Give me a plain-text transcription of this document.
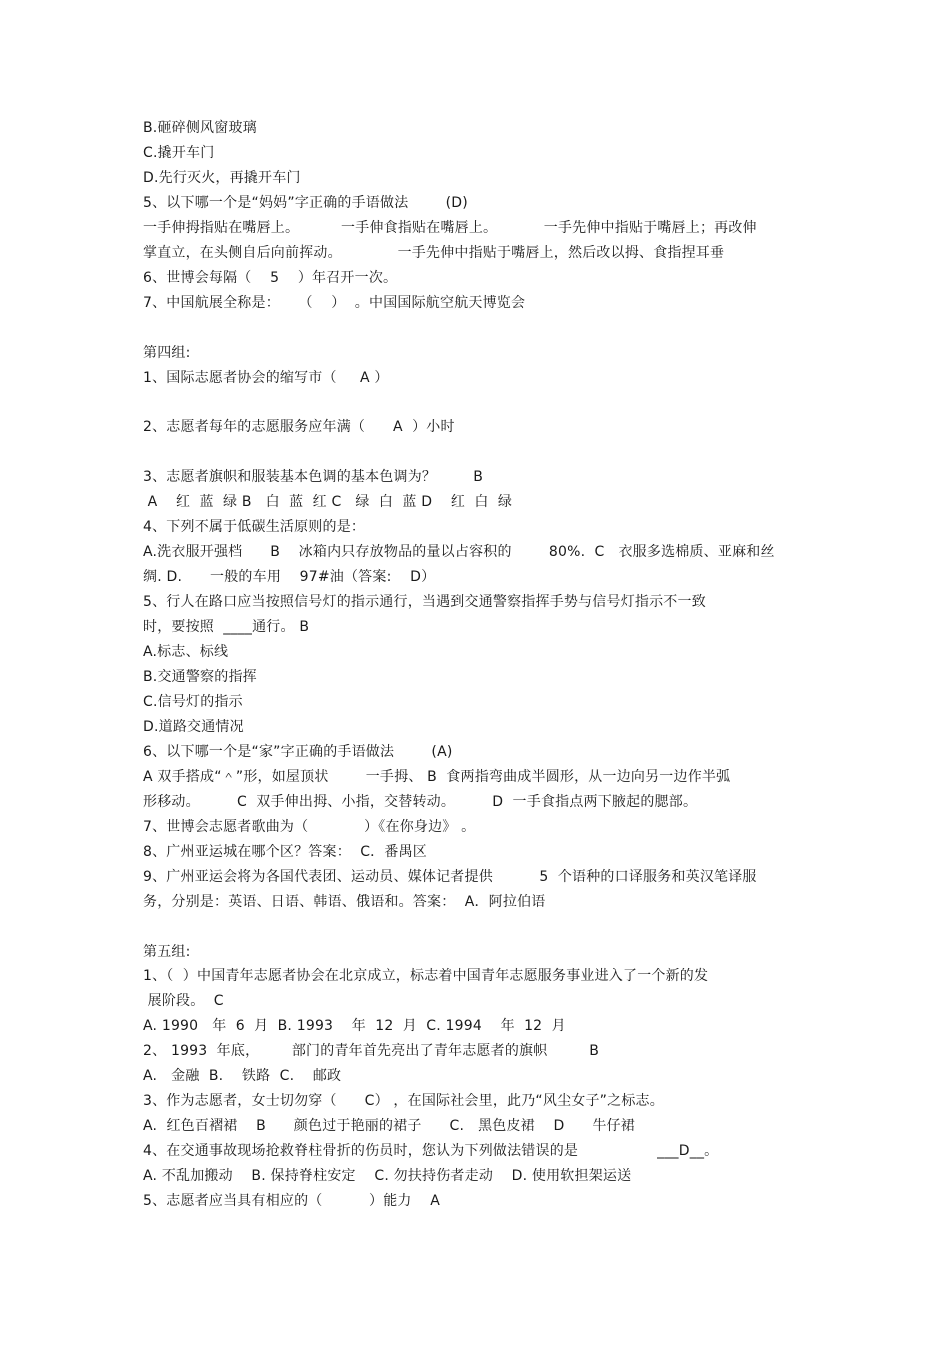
B.砸碎侧风窗玻璃
C.撬开车门
D.先行灭火，再撬开车门
5、以下哪一个是“妈妈”字正确的手语做法        (D)
一手伸拇指贴在嘴唇上。         一手伸食指贴在嘴唇上。          一手先伸中指贴于嘴唇上；再改伸
掌直立，在头侧自后向前挥动。            一手先伸中指贴于嘴唇上，然后改以拇、食指捏耳垂
6、世博会每隔（    5    ）年召开一次。
7、中国航展全称是：    （    ）  。中国国际航空航天博览会
第四组:
1、国际志愿者协会的缩写市（     A ）
2、志愿者每年的志愿服务应年满（      A  ）小时
3、志愿者旗帜和服装基本色调的基本色调为？        B
A    红  蓝  绿 B   白  蓝  红 C   绿  白  蓝 D    红  白  绿
4、下列不属于低碳生活原则的是：
A.洗衣服开强档      B    冰箱内只存放物品的量以占容积的        80%.  C   衣服多选棉质、亚麻和丝
绸. D.      一般的车用    97#油（答案:    D）
5、行人在路口应当按照信号灯的指示通行，当遇到交通警察指挥手势与信号灯指示不一致
时，要按照  ____通行。 B
A.标志、标线
B.交通警察的指挥
C.信号灯的指示
D.道路交通情况
6、以下哪一个是“家”字正确的手语做法        (A)
A 双手搭成“＾”形，如屋顶状        一手拇、 B  食两指弯曲成半圆形，从一边向另一边作半弧
形移动。        C  双手伸出拇、小指，交替转动。        D  一手食指点两下腋起的腮部。
7、世博会志愿者歌曲为（            ）《在你身边》 。
8、广州亚运城在哪个区？答案：  C．番禺区
9、广州亚运会将为各国代表团、运动员、媒体记者提供          5  个语种的口译服务和英汉笔译服
务，分别是：英语、日语、韩语、俄语和。答案：  A．阿拉伯语
第五组:
1、（  ）中国青年志愿者协会在北京成立，标志着中国青年志愿服务事业进入了一个新的发
展阶段。  C
A. 1990   年  6  月  B. 1993    年  12  月  C. 1994    年  12  月
2、 1993  年底，       部门的青年首先亮出了青年志愿者的旗帜         B
A.   金融  B.    铁路  C.    邮政
3、作为志愿者，女士切勿穿（      C） ，在国际社会里，此乃“风尘女子”之标志。
A.  红色百褶裙    B      颜色过于艳丽的裙子      C.   黑色皮裙    D      牛仔裙
4、在交通事故现场抢救脊柱骨折的伤员时，您认为下列做法错误的是                 ___D__。
A. 不乱加搬动    B. 保持脊柱安定    C. 勿扶持伤者走动    D. 使用软担架运送
5、志愿者应当具有相应的（          ）能力    A
